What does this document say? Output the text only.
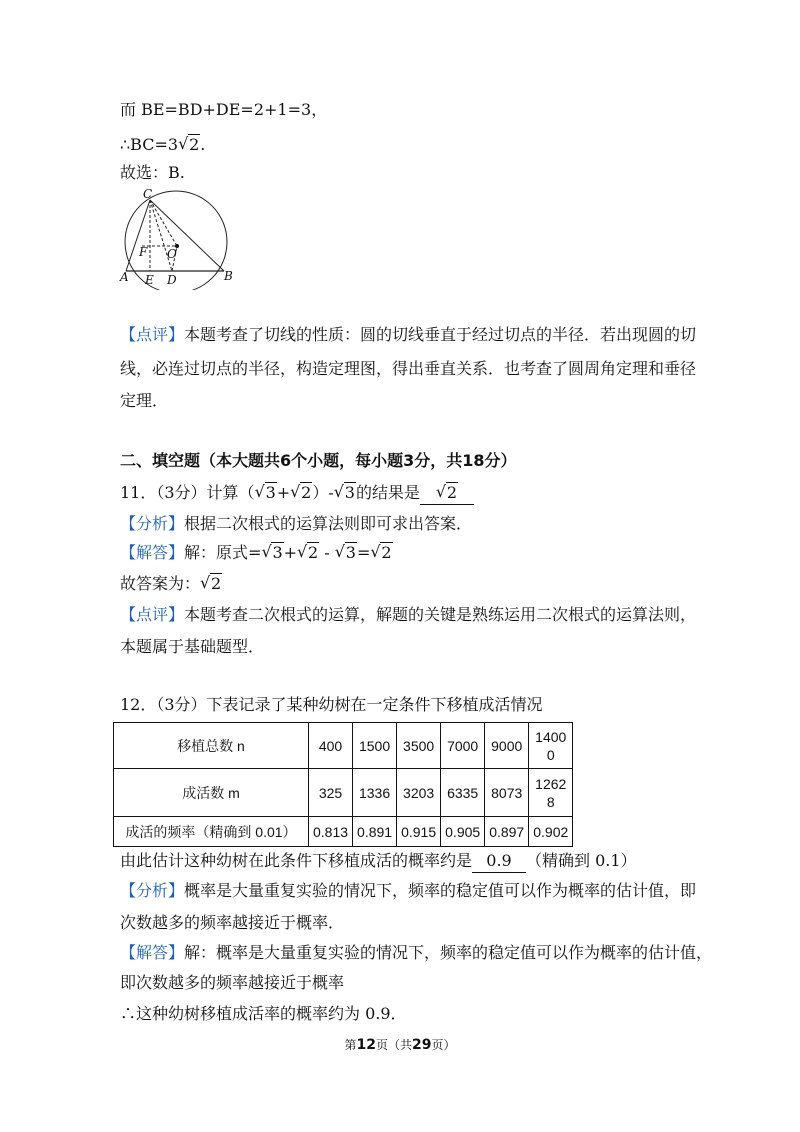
而 BE=BD+DE=2+1=3，
∴BC=3 √ 2.
故选：B.
C
F O
A E D	B
【点评】本题考查了切线的性质：圆的切线垂直于经过切点的半径．若出现圆的切
线，必连过切点的半径，构造定理图，得出垂直关系．也考查了圆周角定理和垂径
定理．
二、填空题（本大题共6个小题，每小题3分，共18分）
11．（3分）计算（ √ 3+ √ 2）- √ 3的结果是 √ 2
【分析】根据二次根式的运算法则即可求出答案．
【解答】解：原式= √ 3+ √ 2 - √ 3= √ 2
故答案为： √ 2
【点评】本题考查二次根式的运算，解题的关键是熟练运用二次根式的运算法则，
本题属于基础题型．
12．（3分）下表记录了某种幼树在一定条件下移植成活情况
移植总数 n	400	1500	3500	7000	9000	1400
0
成活数 m	325	1336	3203	6335	8073	1262
8
成活的频率（精确到 0.01）	0.813	0.891	0.915	0.905	0.897	0.902
由此估计这种幼树在此条件下移植成活的概率约是 0.9 （精确到 0.1）
【分析】概率是大量重复实验的情况下，频率的稳定值可以作为概率的估计值，即
次数越多的频率越接近于概率．
【解答】解：概率是大量重复实验的情况下，频率的稳定值可以作为概率的估计值，
即次数越多的频率越接近于概率
∴这种幼树移植成活率的概率约为 0.9．
第12页（共29页）
